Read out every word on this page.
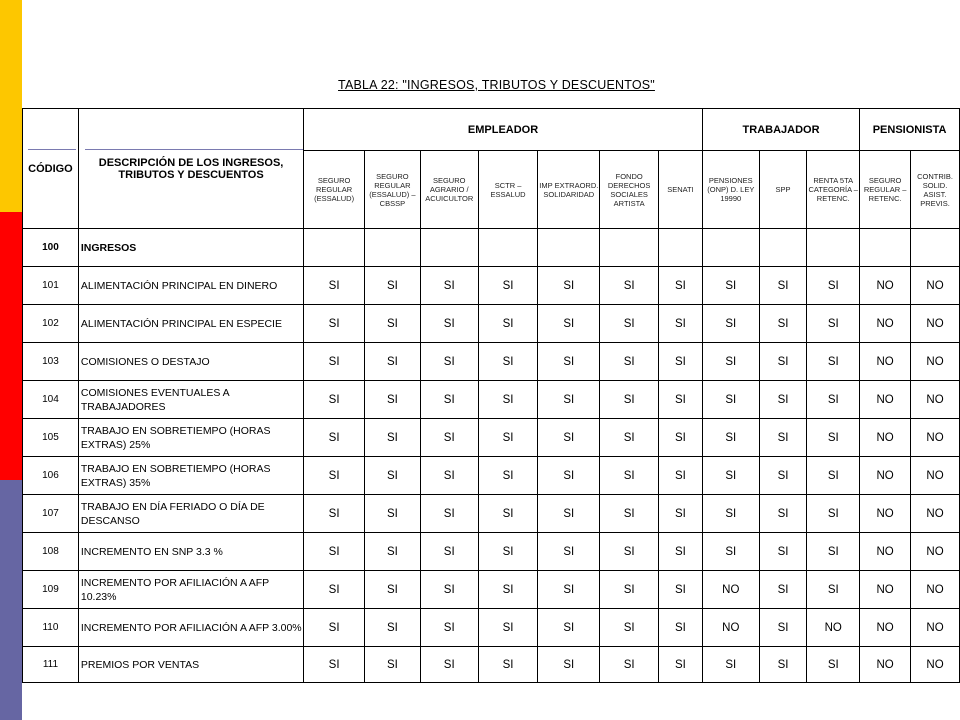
TABLA 22: "INGRESOS, TRIBUTOS Y DESCUENTOS"
CÓDIGO	DESCRIPCIÓN DE LOS INGRESOS, TRIBUTOS Y DESCUENTOS	EMPLEADOR							TRABAJADOR			PENSIONISTA	
		SEGURO REGULAR (ESSALUD)	SEGURO REGULAR (ESSALUD) – CBSSP	SEGURO AGRARIO / ACUICULTOR	SCTR – ESSALUD	IMP EXTRAORD. SOLIDARIDAD	FONDO DERECHOS SOCIALES ARTISTA	SENATI	PENSIONES (ONP) D. LEY 19990	SPP	RENTA 5TA CATEGORÍA – RETENC.	SEGURO REGULAR – RETENC.	CONTRIB. SOLID. ASIST. PREVIS.
100	INGRESOS												
101	ALIMENTACIÓN PRINCIPAL EN DINERO	SI	SI	SI	SI	SI	SI	SI	SI	SI	SI	NO	NO
102	ALIMENTACIÓN PRINCIPAL EN ESPECIE	SI	SI	SI	SI	SI	SI	SI	SI	SI	SI	NO	NO
103	COMISIONES O DESTAJO	SI	SI	SI	SI	SI	SI	SI	SI	SI	SI	NO	NO
104	COMISIONES EVENTUALES A TRABAJADORES	SI	SI	SI	SI	SI	SI	SI	SI	SI	SI	NO	NO
105	TRABAJO EN SOBRETIEMPO (HORAS EXTRAS) 25%	SI	SI	SI	SI	SI	SI	SI	SI	SI	SI	NO	NO
106	TRABAJO EN SOBRETIEMPO (HORAS EXTRAS) 35%	SI	SI	SI	SI	SI	SI	SI	SI	SI	SI	NO	NO
107	TRABAJO EN DÍA FERIADO O DÍA DE DESCANSO	SI	SI	SI	SI	SI	SI	SI	SI	SI	SI	NO	NO
108	INCREMENTO EN SNP 3.3 %	SI	SI	SI	SI	SI	SI	SI	SI	SI	SI	NO	NO
109	INCREMENTO POR AFILIACIÓN A AFP 10.23%	SI	SI	SI	SI	SI	SI	SI	NO	SI	SI	NO	NO
110	INCREMENTO POR AFILIACIÓN A AFP 3.00%	SI	SI	SI	SI	SI	SI	SI	NO	SI	NO	NO	NO
111	PREMIOS POR VENTAS	SI	SI	SI	SI	SI	SI	SI	SI	SI	SI	NO	NO
